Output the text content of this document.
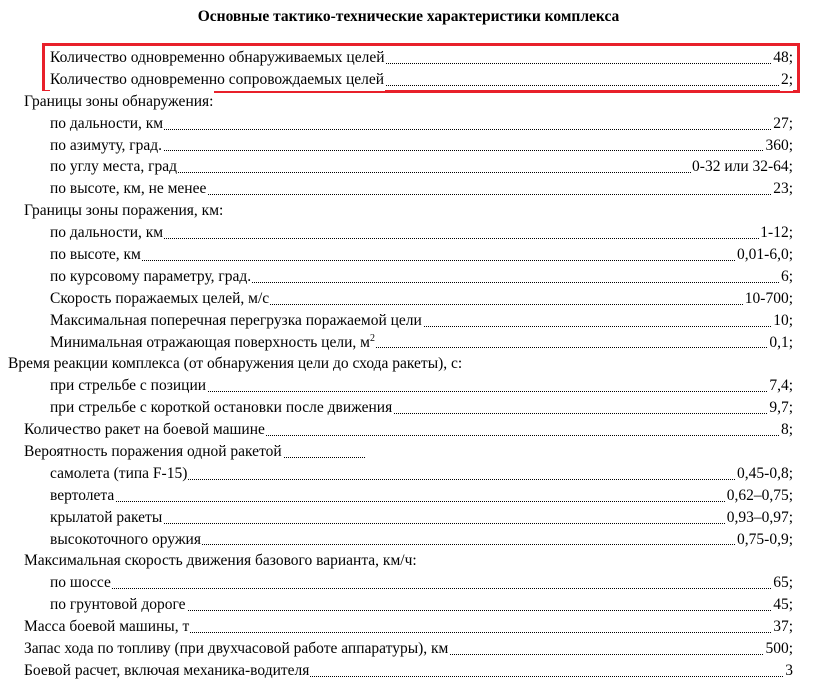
Основные тактико-технические характеристики комплекса
Количество одновременно обнаруживаемых целей	48;
Количество одновременно сопровождаемых целей	2;
Границы зоны обнаружения:
по дальности, км	27;
по азимуту, град.	360;
по углу места, град	0-32 или 32-64;
по высоте, км, не менее	23;
Границы зоны поражения, км:
по дальности, км	1-12;
по высоте, км	0,01-6,0;
по курсовому параметру, град.	6;
Скорость поражаемых целей, м/с	10-700;
Максимальная поперечная перегрузка поражаемой цели	10;
Минимальная отражающая поверхность цели, $м^2$	0,1;
Время реакции комплекса (от обнаружения цели до схода ракеты), с:
при стрельбе с позиции	7,4;
при стрельбе с короткой остановки после движения	9,7;
Количество ракет на боевой машине	8;
Вероятность поражения одной ракетой
самолета (типа F-15)	0,45-0,8;
вертолета	0,62–0,75;
крылатой ракеты	0,93–0,97;
высокоточного оружия	0,75-0,9;
Максимальная скорость движения базового варианта, км/ч:
по шоссе	65;
по грунтовой дороге	45;
Масса боевой машины, т	37;
Запас хода по топливу (при двухчасовой работе аппаратуры), км	500;
Боевой расчет, включая механика-водителя	3
